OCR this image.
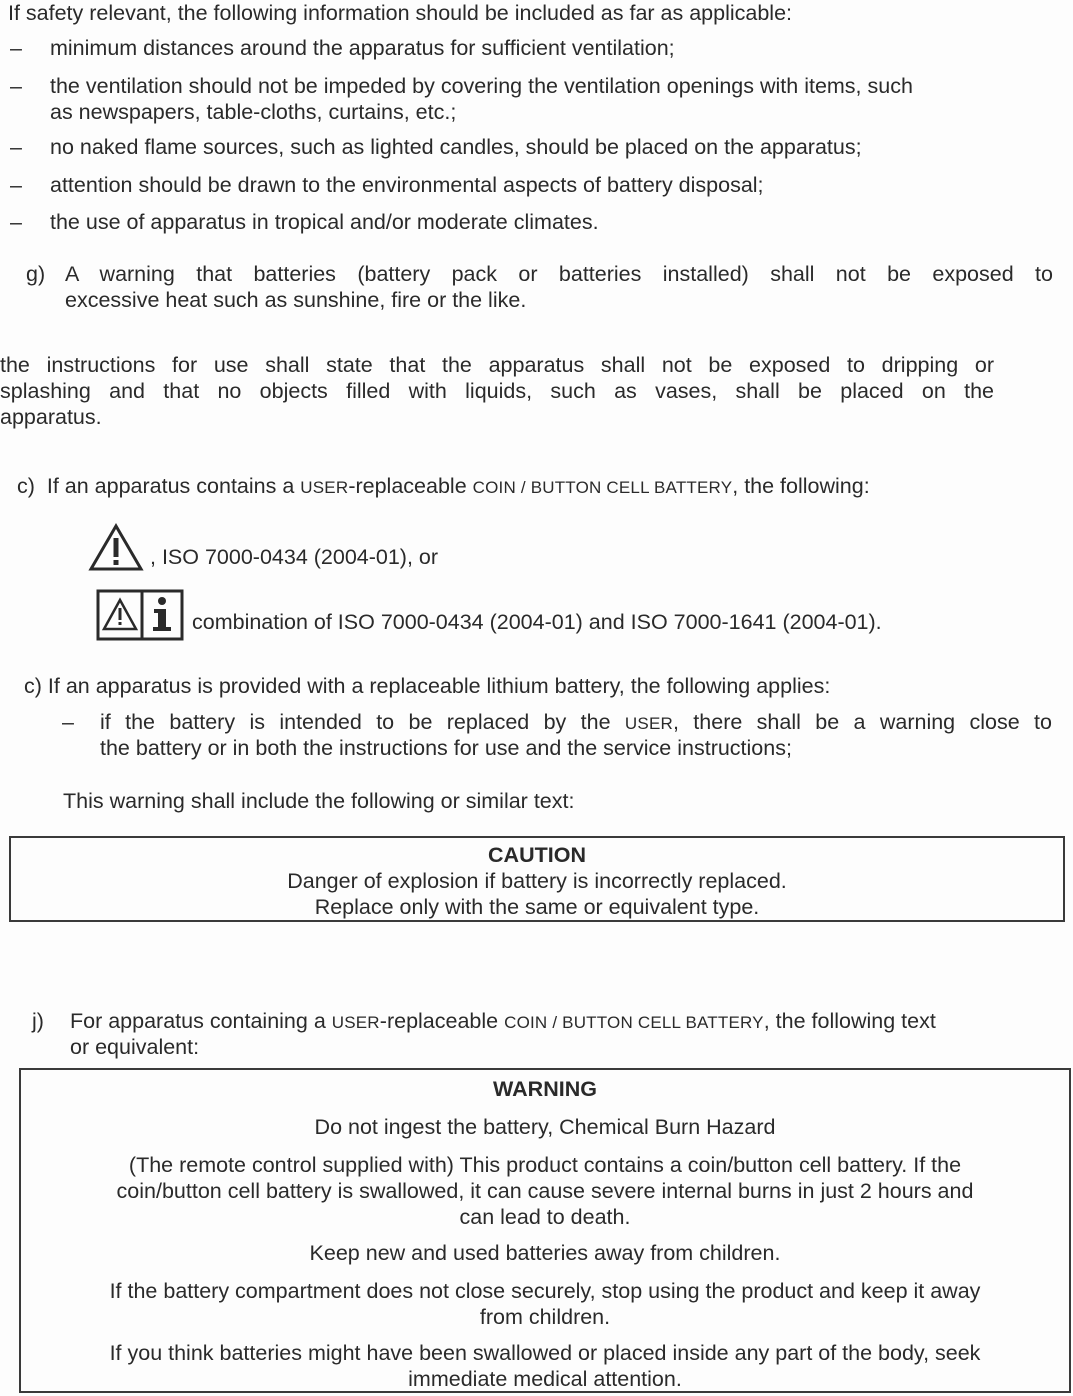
If safety relevant, the following information should be included as far as applicable:
– minimum distances around the apparatus for sufficient ventilation;
– the ventilation should not be impeded by covering the ventilation openings with items, such
as newspapers, table-cloths, curtains, etc.;
– no naked flame sources, such as lighted candles, should be placed on the apparatus;
– attention should be drawn to the environmental aspects of battery disposal;
– the use of apparatus in tropical and/or moderate climates.
g) A warning that batteries (battery pack or batteries installed) shall not be exposed to
excessive heat such as sunshine, fire or the like.
the instructions for use shall state that the apparatus shall not be exposed to dripping or
splashing and that no objects filled with liquids, such as vases, shall be placed on the
apparatus.
c) If an apparatus contains a USER-replaceable COIN / BUTTON CELL BATTERY, the following:
, ISO 7000-0434 (2004-01), or
combination of ISO 7000-0434 (2004-01) and ISO 7000-1641 (2004-01).
c) If an apparatus is provided with a replaceable lithium battery, the following applies:
– if the battery is intended to be replaced by the USER, there shall be a warning close to
the battery or in both the instructions for use and the service instructions;
This warning shall include the following or similar text:
CAUTION
Danger of explosion if battery is incorrectly replaced.
Replace only with the same or equivalent type.
j) For apparatus containing a USER-replaceable COIN / BUTTON CELL BATTERY, the following text
or equivalent:
WARNING
Do not ingest the battery, Chemical Burn Hazard
(The remote control supplied with) This product contains a coin/button cell battery. If the
coin/button cell battery is swallowed, it can cause severe internal burns in just 2 hours and
can lead to death.
Keep new and used batteries away from children.
If the battery compartment does not close securely, stop using the product and keep it away
from children.
If you think batteries might have been swallowed or placed inside any part of the body, seek
immediate medical attention.
